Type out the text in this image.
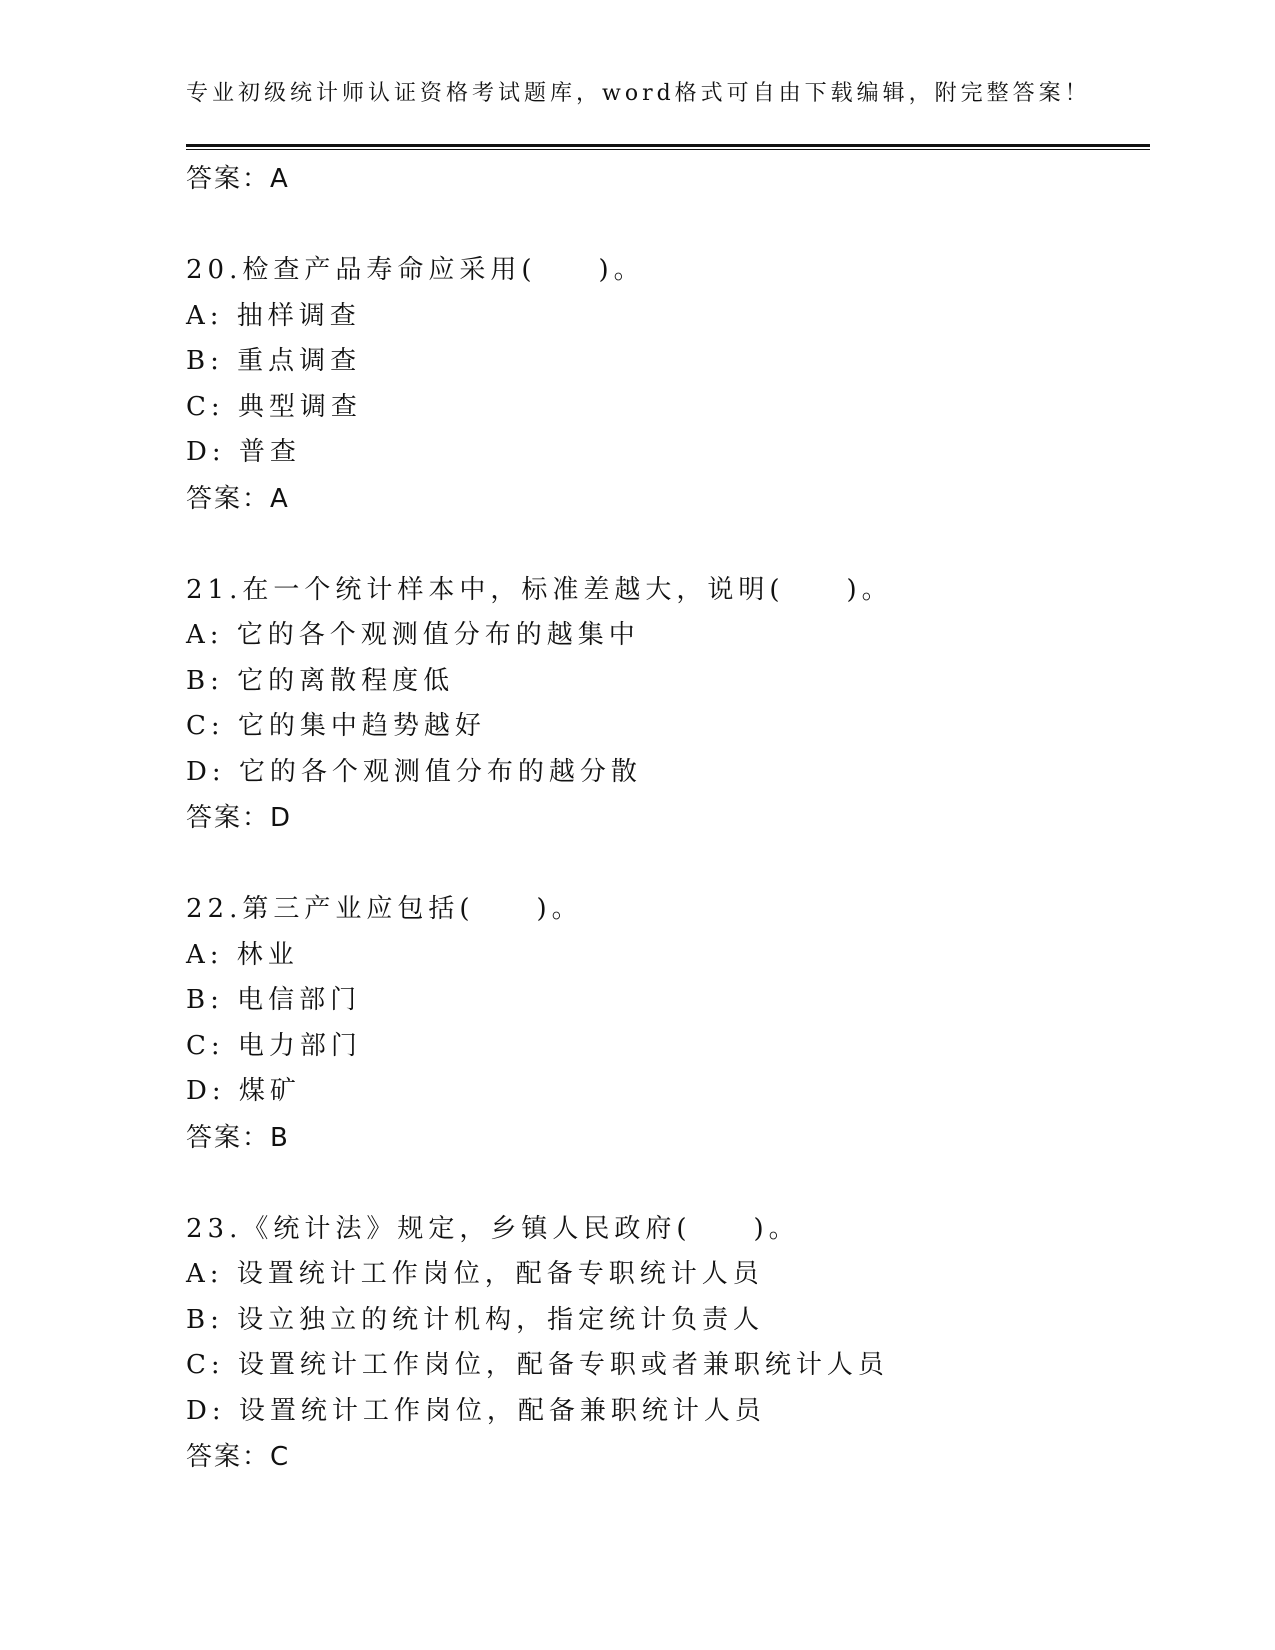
专业初级统计师认证资格考试题库，word格式可自由下载编辑，附完整答案！
答案：A
20.检查产品寿命应采用(　　)。
A: 抽样调查
B: 重点调查
C: 典型调查
D: 普查
答案：A
21.在一个统计样本中，标准差越大，说明(　　)。
A: 它的各个观测值分布的越集中
B: 它的离散程度低
C: 它的集中趋势越好
D: 它的各个观测值分布的越分散
答案：D
22.第三产业应包括(　　)。
A: 林业
B: 电信部门
C: 电力部门
D: 煤矿
答案：B
23.《统计法》规定，乡镇人民政府(　　)。
A: 设置统计工作岗位，配备专职统计人员
B: 设立独立的统计机构，指定统计负责人
C: 设置统计工作岗位，配备专职或者兼职统计人员
D: 设置统计工作岗位，配备兼职统计人员
答案：C
